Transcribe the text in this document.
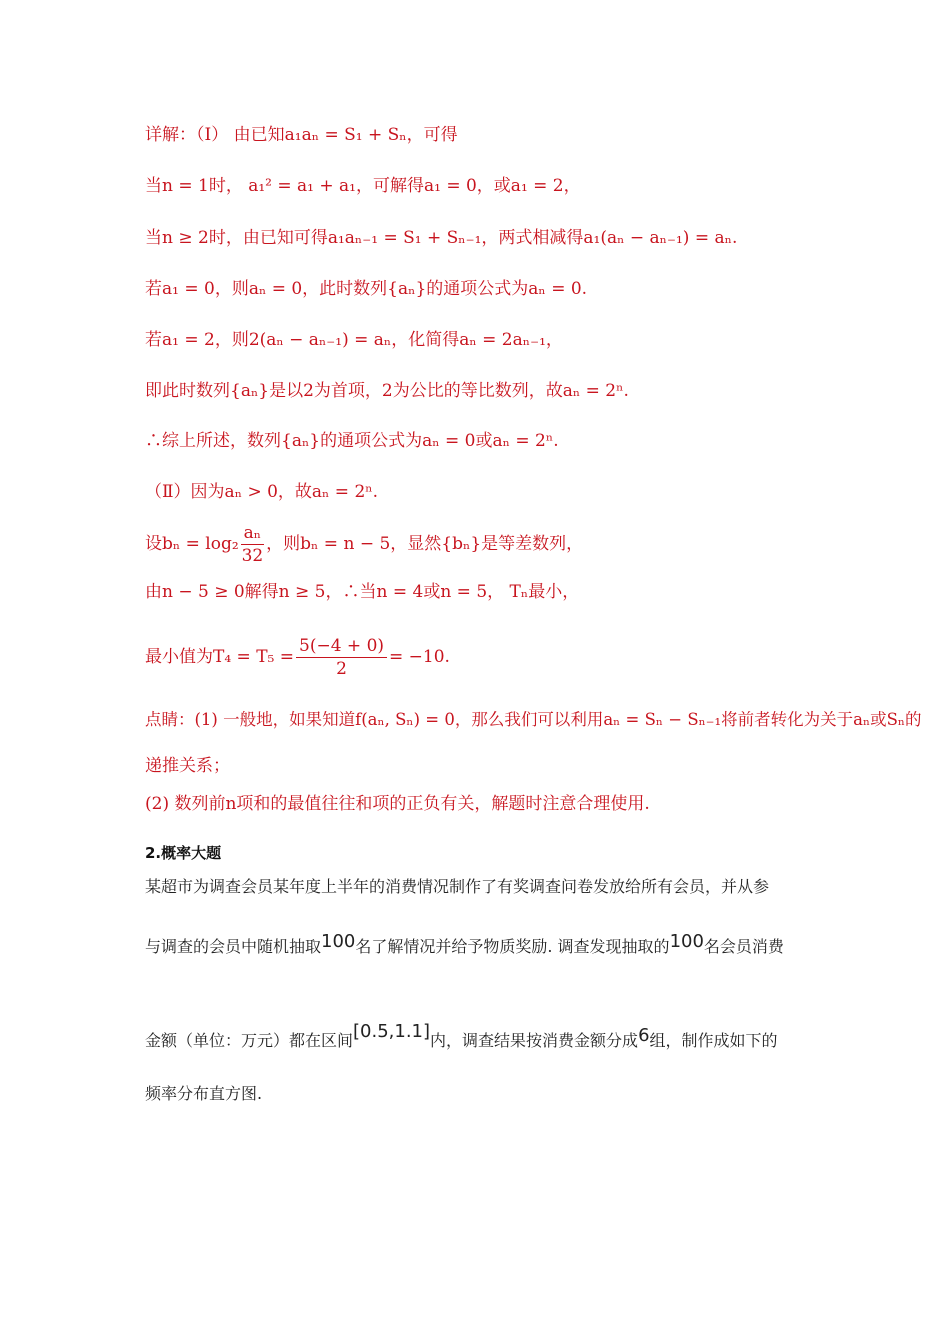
详解：（Ⅰ） 由已知a₁aₙ = S₁ + Sₙ，可得
当n = 1时， a₁² = a₁ + a₁，可解得a₁ = 0，或a₁ = 2，
当n ≥ 2时，由已知可得a₁aₙ₋₁ = S₁ + Sₙ₋₁，两式相减得a₁(aₙ − aₙ₋₁) = aₙ.
若a₁ = 0，则aₙ = 0，此时数列{aₙ}的通项公式为aₙ = 0.
若a₁ = 2，则2(aₙ − aₙ₋₁) = aₙ，化简得aₙ = 2aₙ₋₁，
即此时数列{aₙ}是以2为首项，2为公比的等比数列，故aₙ = 2ⁿ.
∴综上所述，数列{aₙ}的通项公式为aₙ = 0或aₙ = 2ⁿ.
（Ⅱ）因为aₙ > 0，故aₙ = 2ⁿ.
设$b_n = \log_2 \frac{\text{aₙ}}{32}$ ，则bₙ = n − 5，显然{bₙ}是等差数列，
由n − 5 ≥ 0解得n ≥ 5，∴当n = 4或n = 5， Tₙ最小，
最小值为$T_4 = T_5 = \frac{5(-4 + 0)}{2} = -10$.
点睛：(1) 一般地，如果知道f(aₙ, Sₙ) = 0，那么我们可以利用aₙ = Sₙ − Sₙ₋₁将前者转化为关于aₙ或Sₙ的
递推关系；
(2) 数列前n项和的最值往往和项的正负有关，解题时注意合理使用.
2.概率大题
某超市为调查会员某年度上半年的消费情况制作了有奖调查问卷发放给所有会员，并从参
与调查的会员中随机抽取100名了解情况并给予物质奖励. 调查发现抽取的100名会员消费
金额（单位：万元）都在区间[0.5,1.1]内，调查结果按消费金额分成6组，制作成如下的
频率分布直方图.
